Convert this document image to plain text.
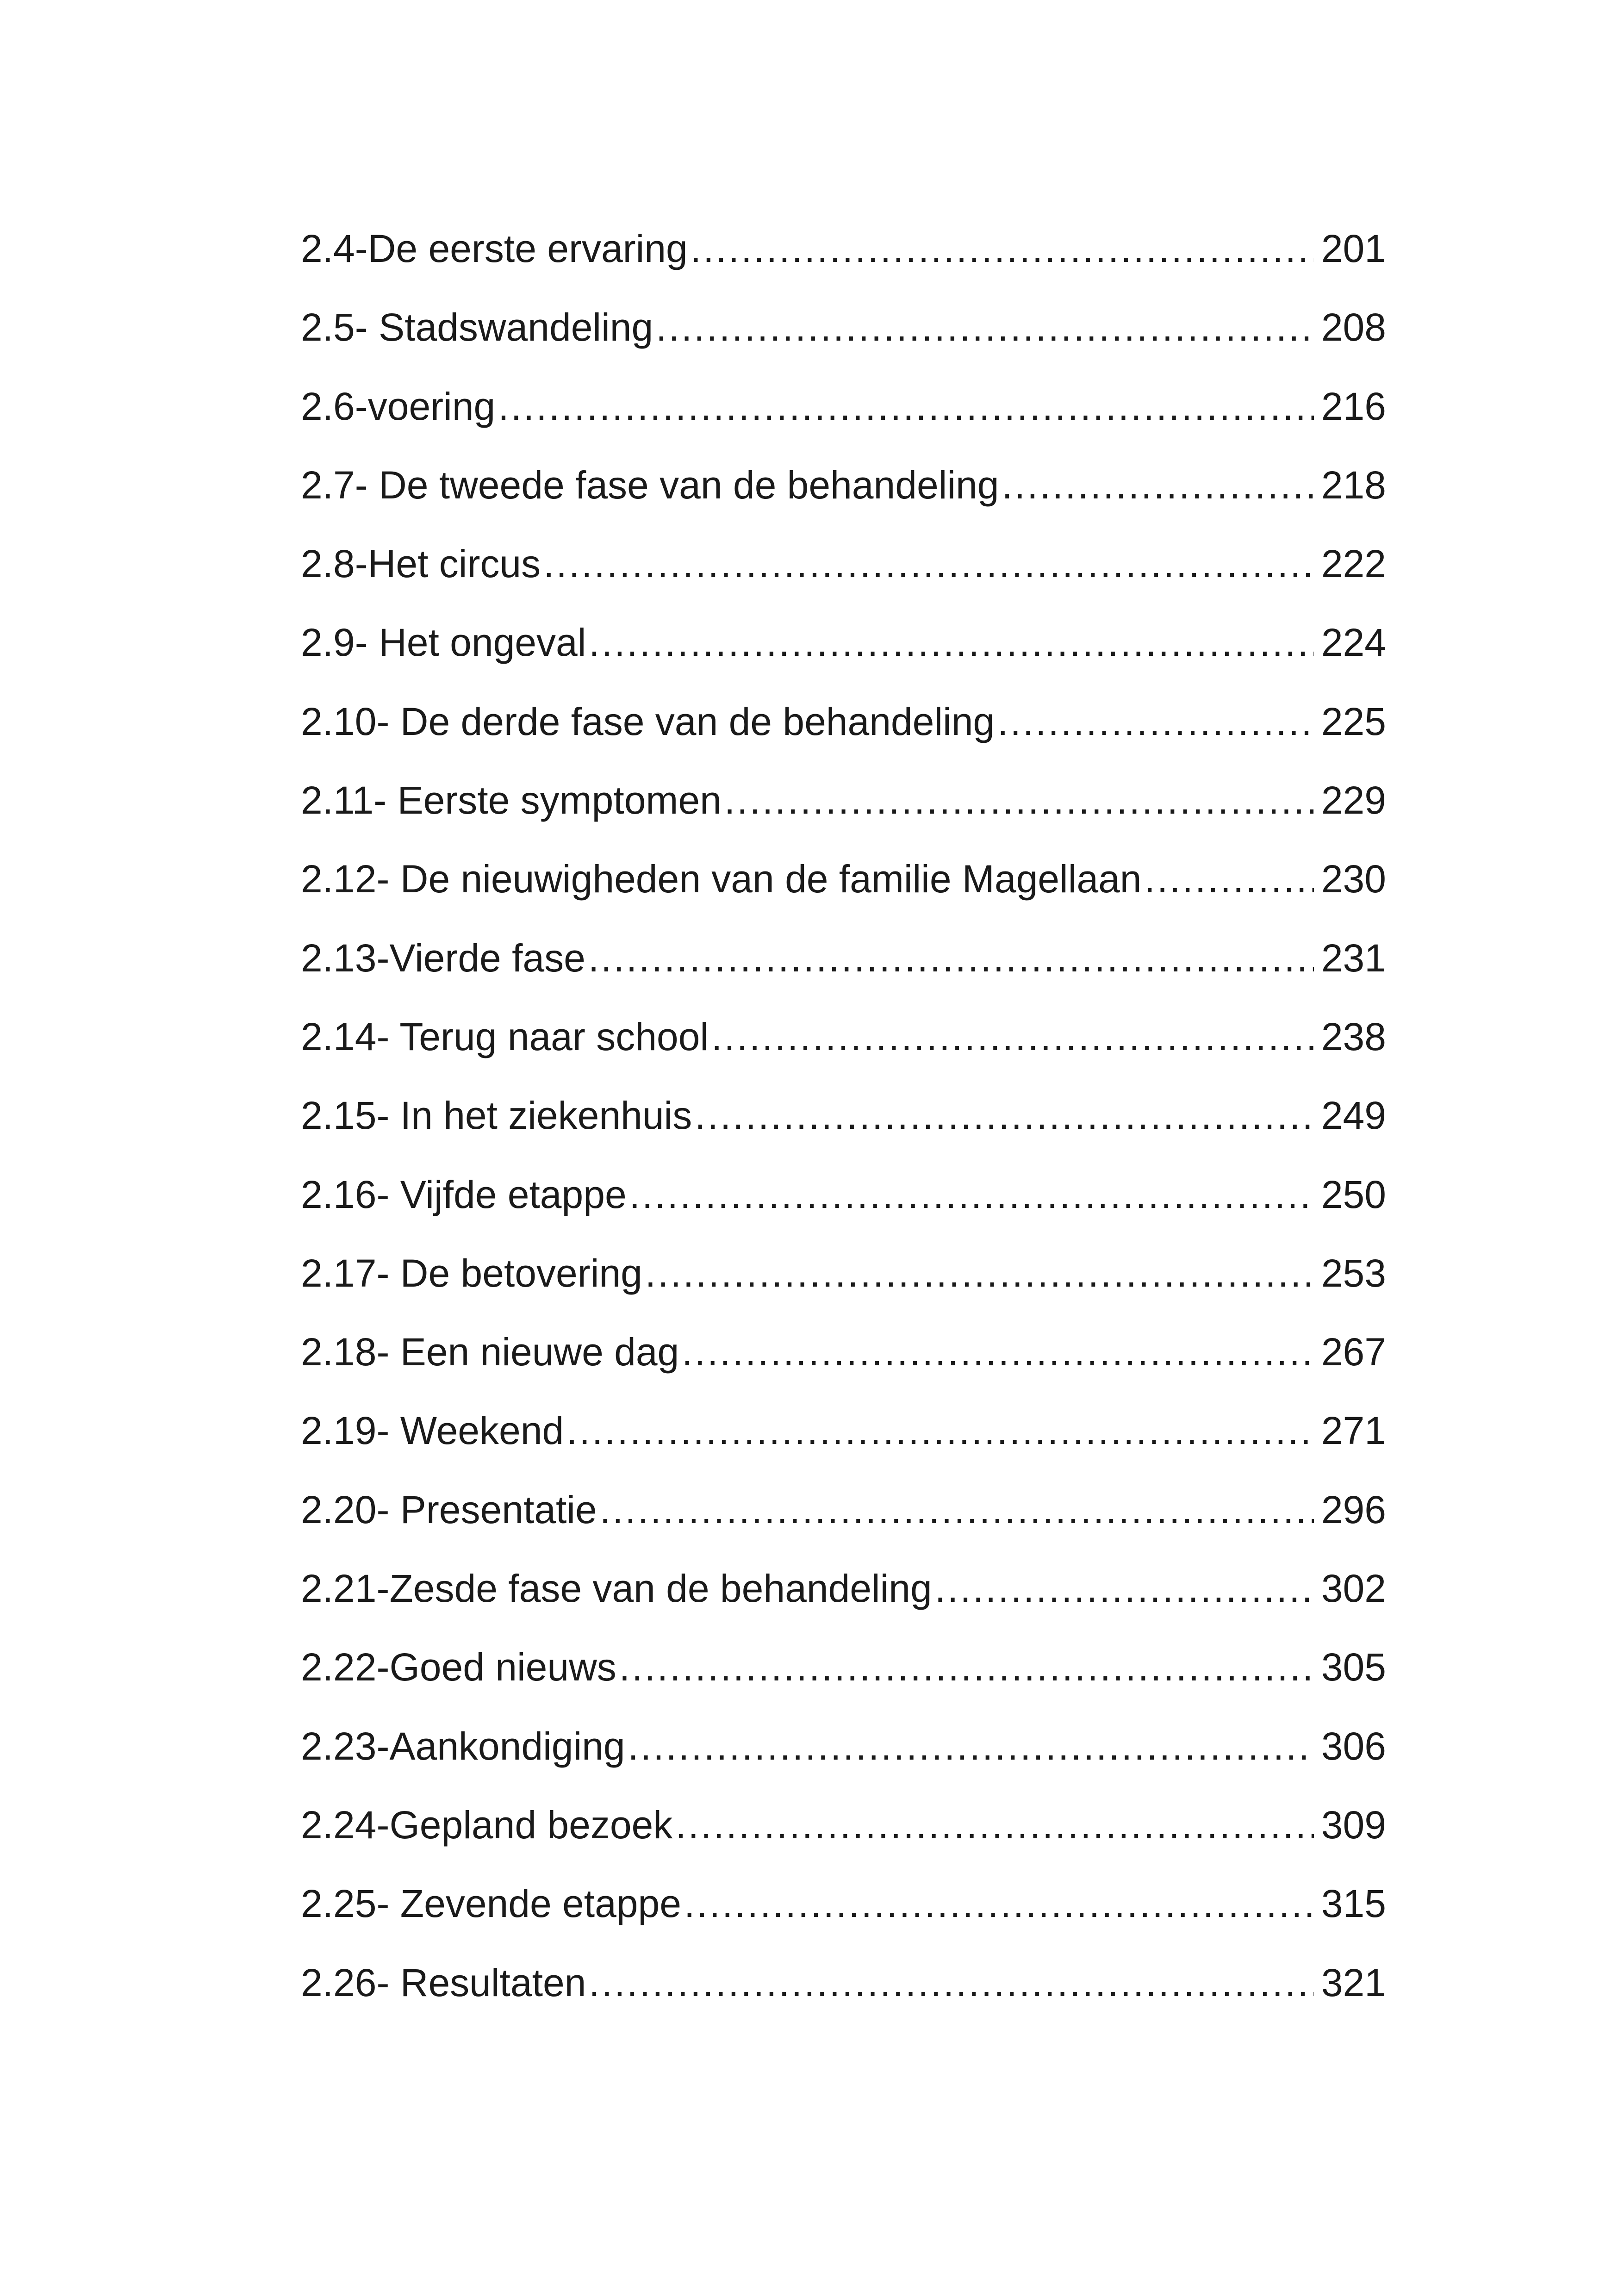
2.4-De eerste ervaring .....	201
2.5- Stadswandeling .....	208
2.6-voering .....	216
2.7- De tweede fase van de behandeling .....	218
2.8-Het circus .....	222
2.9- Het ongeval .....	224
2.10- De derde fase van de behandeling .....	225
2.11- Eerste symptomen .....	229
2.12- De nieuwigheden van de familie Magellaan .....	230
2.13-Vierde fase .....	231
2.14- Terug naar school .....	238
2.15- In het ziekenhuis .....	249
2.16- Vijfde etappe .....	250
2.17- De betovering .....	253
2.18- Een nieuwe dag .....	267
2.19- Weekend .....	271
2.20- Presentatie .....	296
2.21-Zesde fase van de behandeling .....	302
2.22-Goed nieuws .....	305
2.23-Aankondiging .....	306
2.24-Gepland bezoek .....	309
2.25- Zevende etappe .....	315
2.26- Resultaten .....	321
